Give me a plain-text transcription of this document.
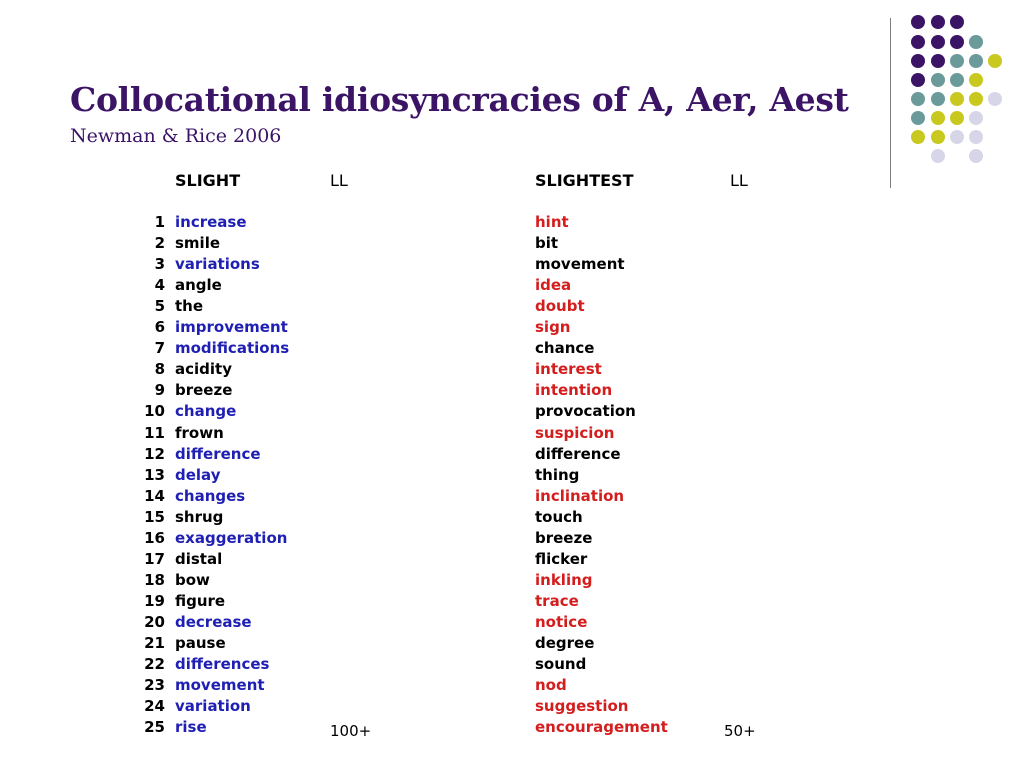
Collocational idiosyncracies of A, Aer, Aest
Newman & Rice 2006
SLIGHT	LL	SLIGHTEST	LL
1 increase	hint
2 smile	bit
3 variations	movement
4 angle	idea
5 the	doubt
6 improvement	sign
7 modifications	chance
8 acidity	interest
9 breeze	intention
10 change	provocation
11 frown	suspicion
12 difference	difference
13 delay	thing
14 changes	inclination
15 shrug	touch
16 exaggeration	breeze
17 distal	flicker
18 bow	inkling
19 figure	trace
20 decrease	notice
21 pause	degree
22 differences	sound
23 movement	nod
24 variation	suggestion
25 rise	encouragement
100+	50+
